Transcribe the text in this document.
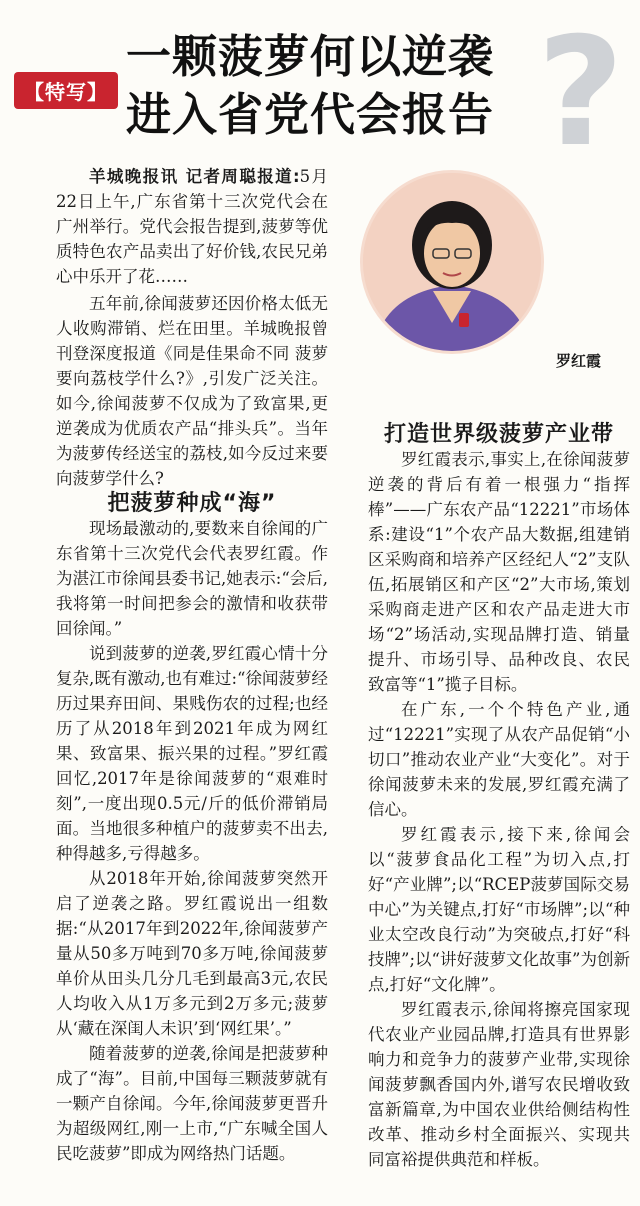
【特写】
一颗菠萝何以逆袭
进入省党代会报告 ?
罗红霞

羊城晚报讯 记者周聪报道:5月22日上午,广东省第十三次党代会在广州举行。党代会报告提到,菠萝等优质特色农产品卖出了好价钱,农民兄弟心中乐开了花……

五年前,徐闻菠萝还因价格太低无人收购滞销、烂在田里。羊城晚报曾刊登深度报道《同是佳果命不同 菠萝要向荔枝学什么?》,引发广泛关注。如今,徐闻菠萝不仅成为了致富果,更逆袭成为优质农产品“排头兵”。当年为菠萝传经送宝的荔枝,如今反过来要向菠萝学什么?

把菠萝种成“海”

现场最激动的,要数来自徐闻的广东省第十三次党代会代表罗红霞。作为湛江市徐闻县委书记,她表示:“会后,我将第一时间把参会的激情和收获带回徐闻。”

说到菠萝的逆袭,罗红霞心情十分复杂,既有激动,也有难过:“徐闻菠萝经历过果弃田间、果贱伤农的过程;也经历了从2018年到2021年成为网红果、致富果、振兴果的过程。”罗红霞回忆,2017年是徐闻菠萝的“艰难时刻”,一度出现0.5元/斤的低价滞销局面。当地很多种植户的菠萝卖不出去,种得越多,亏得越多。

从2018年开始,徐闻菠萝突然开启了逆袭之路。罗红霞说出一组数据:“从2017年到2022年,徐闻菠萝产量从50多万吨到70多万吨,徐闻菠萝单价从田头几分几毛到最高3元,农民人均收入从1万多元到2万多元;菠萝从‘藏在深闺人未识’到‘网红果’。”

随着菠萝的逆袭,徐闻是把菠萝种成了“海”。目前,中国每三颗菠萝就有一颗产自徐闻。今年,徐闻菠萝更晋升为超级网红,刚一上市,“广东喊全国人民吃菠萝”即成为网络热门话题。

打造世界级菠萝产业带

罗红霞表示,事实上,在徐闻菠萝逆袭的背后有着一根强力“指挥棒”——广东农产品“12221”市场体系:建设“1”个农产品大数据,组建销区采购商和培养产区经纪人“2”支队伍,拓展销区和产区“2”大市场,策划采购商走进产区和农产品走进大市场“2”场活动,实现品牌打造、销量提升、市场引导、品种改良、农民致富等“1”揽子目标。

在广东,一个个特色产业,通过“12221”实现了从农产品促销“小切口”推动农业产业“大变化”。对于徐闻菠萝未来的发展,罗红霞充满了信心。

罗红霞表示,接下来,徐闻会以“菠萝食品化工程”为切入点,打好“产业牌”;以“RCEP菠萝国际交易中心”为关键点,打好“市场牌”;以“种业太空改良行动”为突破点,打好“科技牌”;以“讲好菠萝文化故事”为创新点,打好“文化牌”。

罗红霞表示,徐闻将擦亮国家现代农业产业园品牌,打造具有世界影响力和竞争力的菠萝产业带,实现徐闻菠萝飘香国内外,谱写农民增收致富新篇章,为中国农业供给侧结构性改革、推动乡村全面振兴、实现共同富裕提供典范和样板。
